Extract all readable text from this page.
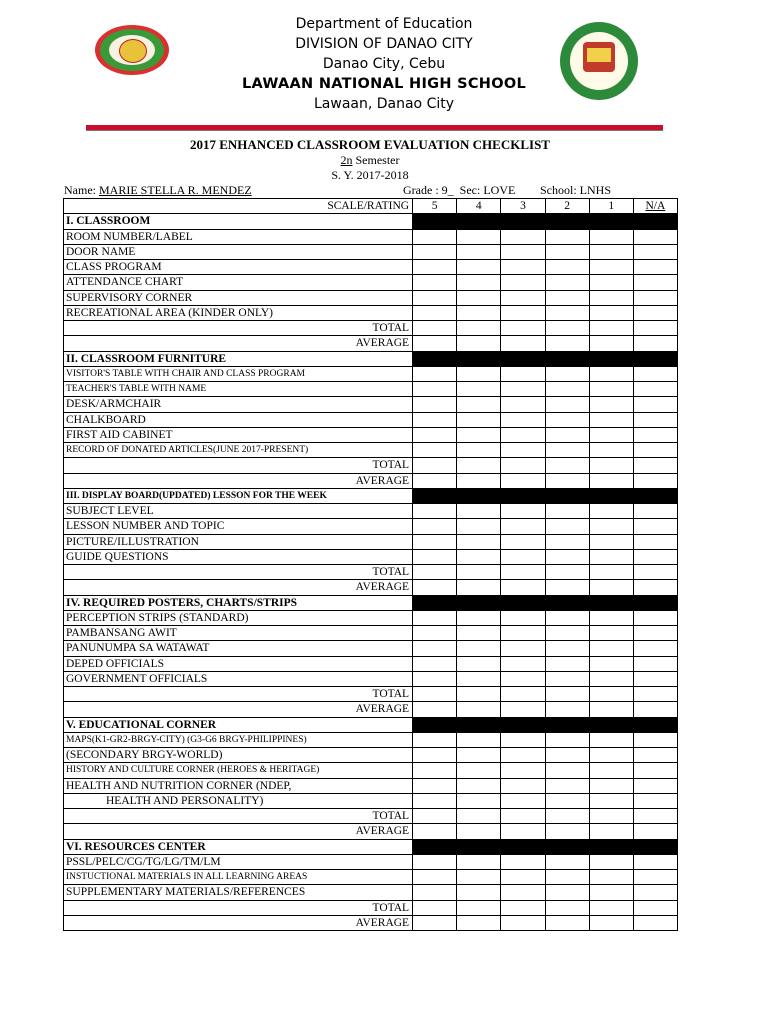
Department of Education
DIVISION OF DANAO CITY
Danao City, Cebu
LAWAAN NATIONAL HIGH SCHOOL
Lawaan, Danao City
2017 ENHANCED CLASSROOM EVALUATION CHECKLIST
2n Semester
S. Y. 2017-2018
Name: MARIE STELLA R. MENDEZ	Grade : 9_ Sec: LOVE School: LNHS
SCALE/RATING	5	4	3	2	1	N/A
I. CLASSROOM						
ROOM NUMBER/LABEL						
DOOR NAME						
CLASS PROGRAM						
ATTENDANCE CHART						
SUPERVISORY CORNER						
RECREATIONAL AREA (KINDER ONLY)						
TOTAL						
AVERAGE						
II. CLASSROOM FURNITURE						
VISITOR'S TABLE WITH CHAIR AND CLASS PROGRAM						
TEACHER'S TABLE WITH NAME						
DESK/ARMCHAIR						
CHALKBOARD						
FIRST AID CABINET						
RECORD OF DONATED ARTICLES(JUNE 2017-PRESENT)						
TOTAL						
AVERAGE						
III. DISPLAY BOARD(UPDATED) LESSON FOR THE WEEK						
SUBJECT LEVEL						
LESSON NUMBER AND TOPIC						
PICTURE/ILLUSTRATION						
GUIDE QUESTIONS						
TOTAL						
AVERAGE						
IV. REQUIRED POSTERS, CHARTS/STRIPS						
PERCEPTION STRIPS (STANDARD)						
PAMBANSANG AWIT						
PANUNUMPA SA WATAWAT						
DEPED OFFICIALS						
GOVERNMENT OFFICIALS						
TOTAL						
AVERAGE						
V. EDUCATIONAL CORNER						
MAPS(K1-GR2-BRGY-CITY) (G3-G6 BRGY-PHILIPPINES)						
(SECONDARY BRGY-WORLD)						
HISTORY AND CULTURE CORNER (HEROES & HERITAGE)						
HEALTH AND NUTRITION CORNER (NDEP,						
HEALTH AND PERSONALITY)						
TOTAL						
AVERAGE						
VI. RESOURCES CENTER						
PSSL/PELC/CG/TG/LG/TM/LM						
INSTUCTIONAL MATERIALS IN ALL LEARNING AREAS						
SUPPLEMENTARY MATERIALS/REFERENCES						
TOTAL						
AVERAGE						
